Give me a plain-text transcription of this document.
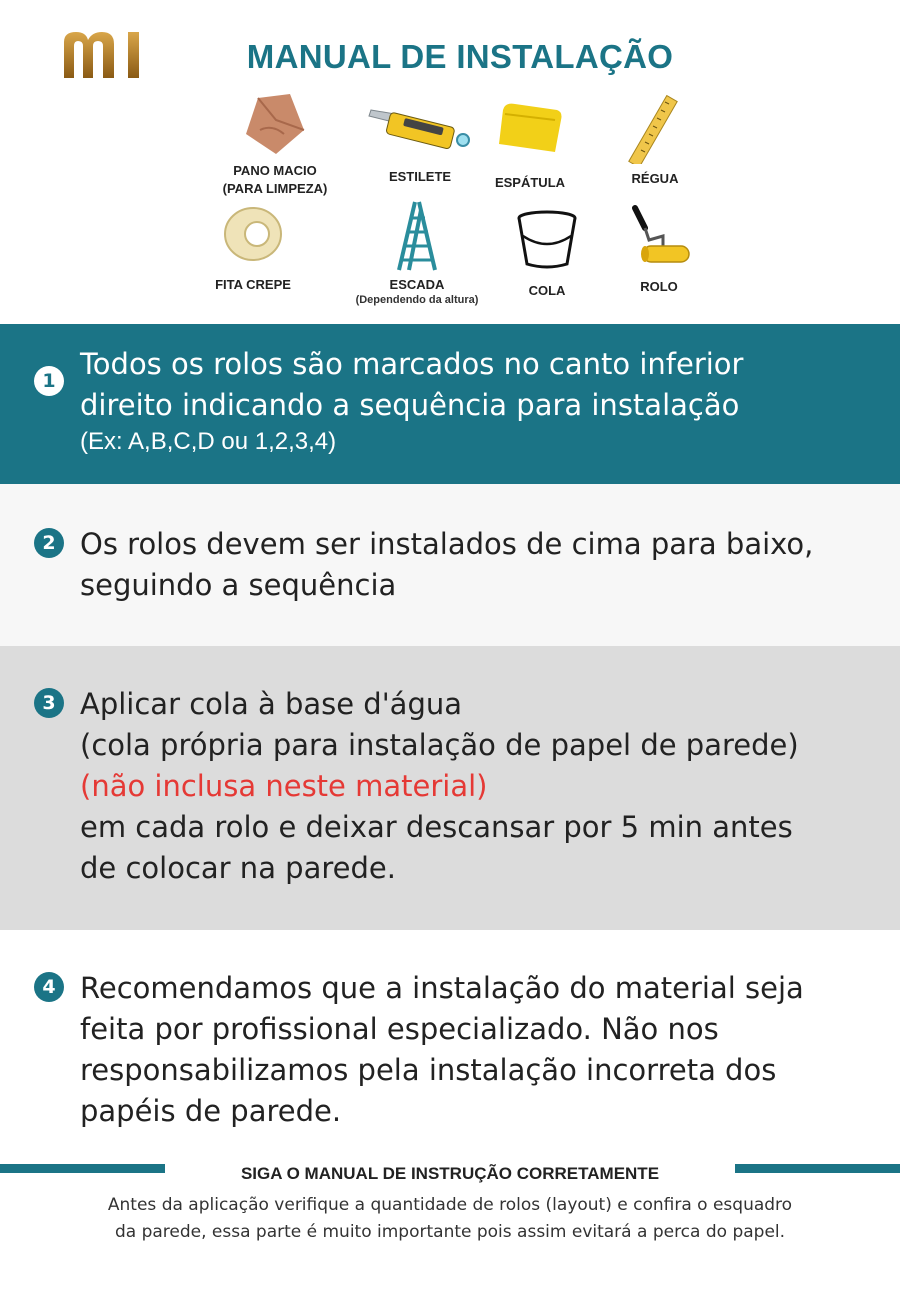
MANUAL DE INSTALAÇÃO
PANO MACIO
(PARA LIMPEZA)
ESTILETE	ESPÁTULA	RÉGUA
FITA CREPE	ESCADA
(Dependendo da altura)
COLA	ROLO
1 Todos os rolos são marcados no canto inferior
direito indicando a sequência para instalação
(Ex: A,B,C,D ou 1,2,3,4)
2 Os rolos devem ser instalados de cima para baixo,
seguindo a sequência
3 Aplicar cola à base d'água
(cola própria para instalação de papel de parede)
(não inclusa neste material)
em cada rolo e deixar descansar por 5 min antes
de colocar na parede.
4 Recomendamos que a instalação do material seja
feita por profissional especializado. Não nos
responsabilizamos pela instalação incorreta dos
papéis de parede.
SIGA O MANUAL DE INSTRUÇÃO CORRETAMENTE
Antes da aplicação verifique a quantidade de rolos (layout) e confira o esquadro
da parede, essa parte é muito importante pois assim evitará a perca do papel.
